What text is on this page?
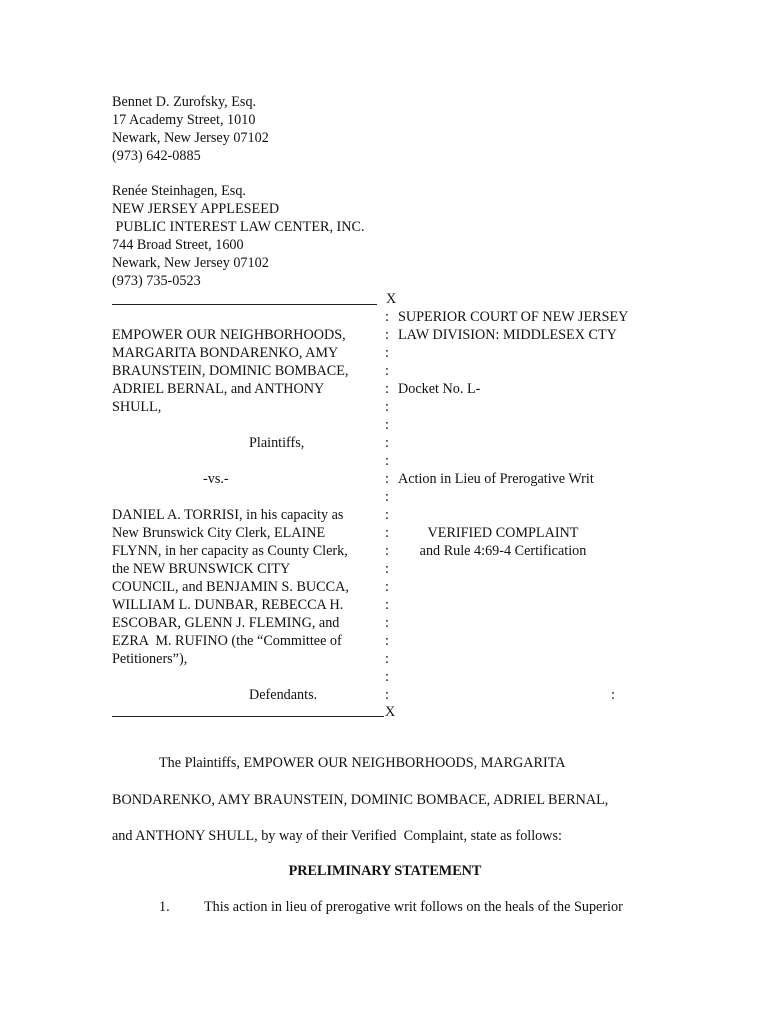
Bennet D. Zurofsky, Esq.
17 Academy Street, 1010
Newark, New Jersey 07102
(973) 642-0885
Renée Steinhagen, Esq.
NEW JERSEY APPLESEED
PUBLIC INTEREST LAW CENTER, INC.
744 Broad Street, 1600
Newark, New Jersey 07102
(973) 735-0523
X
:
:
:
:
:
:
:
:
:
:
:
:
:
:
:
:
:
:
:
:
:
:	:
EMPOWER OUR NEIGHBORHOODS,
MARGARITA BONDARENKO, AMY
BRAUNSTEIN, DOMINIC BOMBACE,
ADRIEL BERNAL, and ANTHONY
SHULL,
Plaintiffs,
-vs.-
DANIEL A. TORRISI, in his capacity as
New Brunswick City Clerk, ELAINE
FLYNN, in her capacity as County Clerk,
the NEW BRUNSWICK CITY
COUNCIL, and BENJAMIN S. BUCCA,
WILLIAM L. DUNBAR, REBECCA H.
ESCOBAR, GLENN J. FLEMING, and
EZRA  M. RUFINO (the “Committee of
Petitioners”),
Defendants.
X
SUPERIOR COURT OF NEW JERSEY
LAW DIVISION: MIDDLESEX CTY
Docket No. L-
Action in Lieu of Prerogative Writ
VERIFIED COMPLAINT
and Rule 4:69-4 Certification
The Plaintiffs, EMPOWER OUR NEIGHBORHOODS, MARGARITA
BONDARENKO, AMY BRAUNSTEIN, DOMINIC BOMBACE, ADRIEL BERNAL,
and ANTHONY SHULL, by way of their Verified  Complaint, state as follows:
PRELIMINARY STATEMENT
1. This action in lieu of prerogative writ follows on the heals of the Superior
